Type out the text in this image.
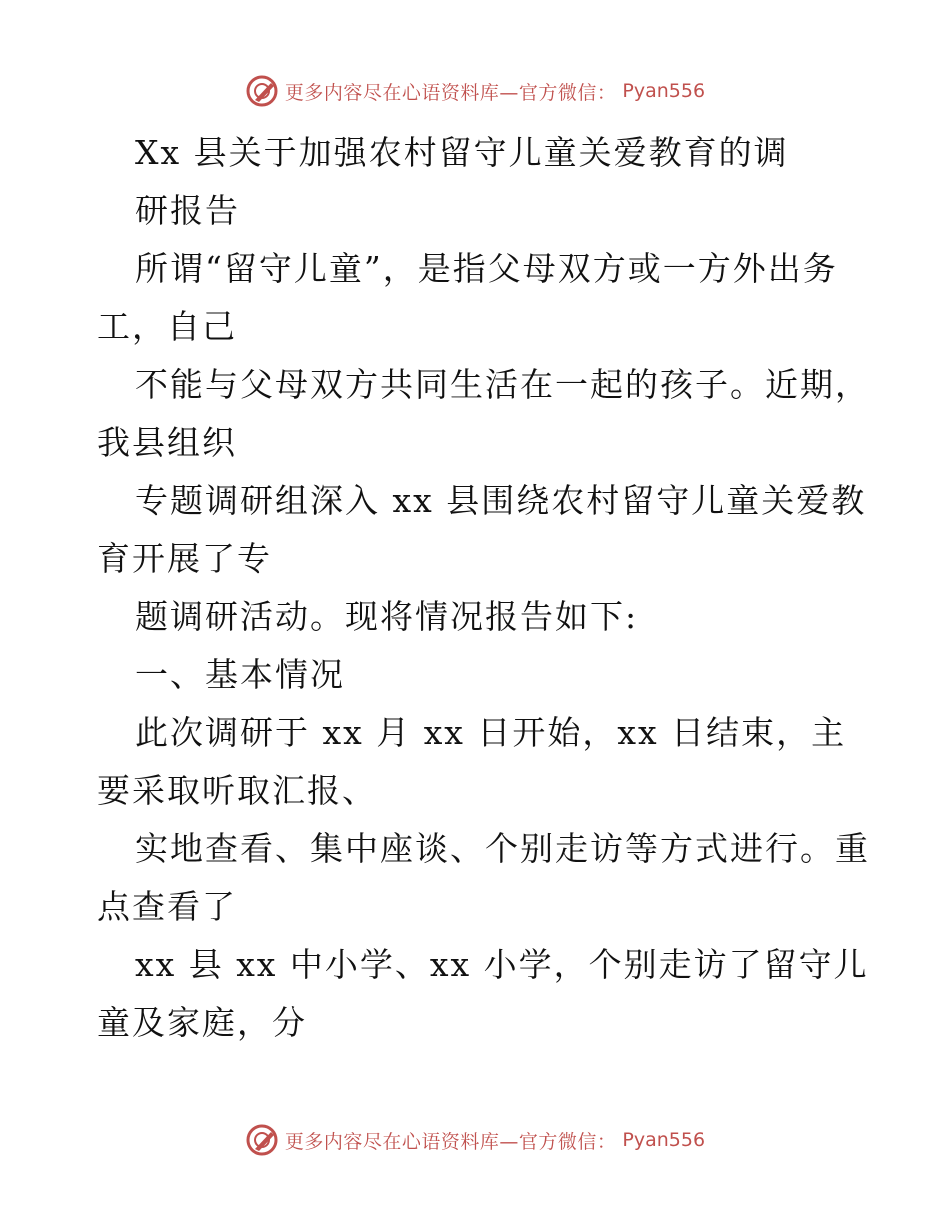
更多内容尽在心语资料库—官方微信： Pyan556
Xx 县关于加强农村留守儿童关爱教育的调
研报告
所谓“留守儿童”，是指父母双方或一方外出务
工，自己
不能与父母双方共同生活在一起的孩子。近期，
我县组织
专题调研组深入 xx 县围绕农村留守儿童关爱教
育开展了专
题调研活动。现将情况报告如下:
一、基本情况
此次调研于 xx 月 xx 日开始，xx 日结束，主
要采取听取汇报、
实地查看、集中座谈、个别走访等方式进行。重
点查看了
xx 县 xx 中小学、xx 小学，个别走访了留守儿
童及家庭，分
更多内容尽在心语资料库—官方微信： Pyan556
